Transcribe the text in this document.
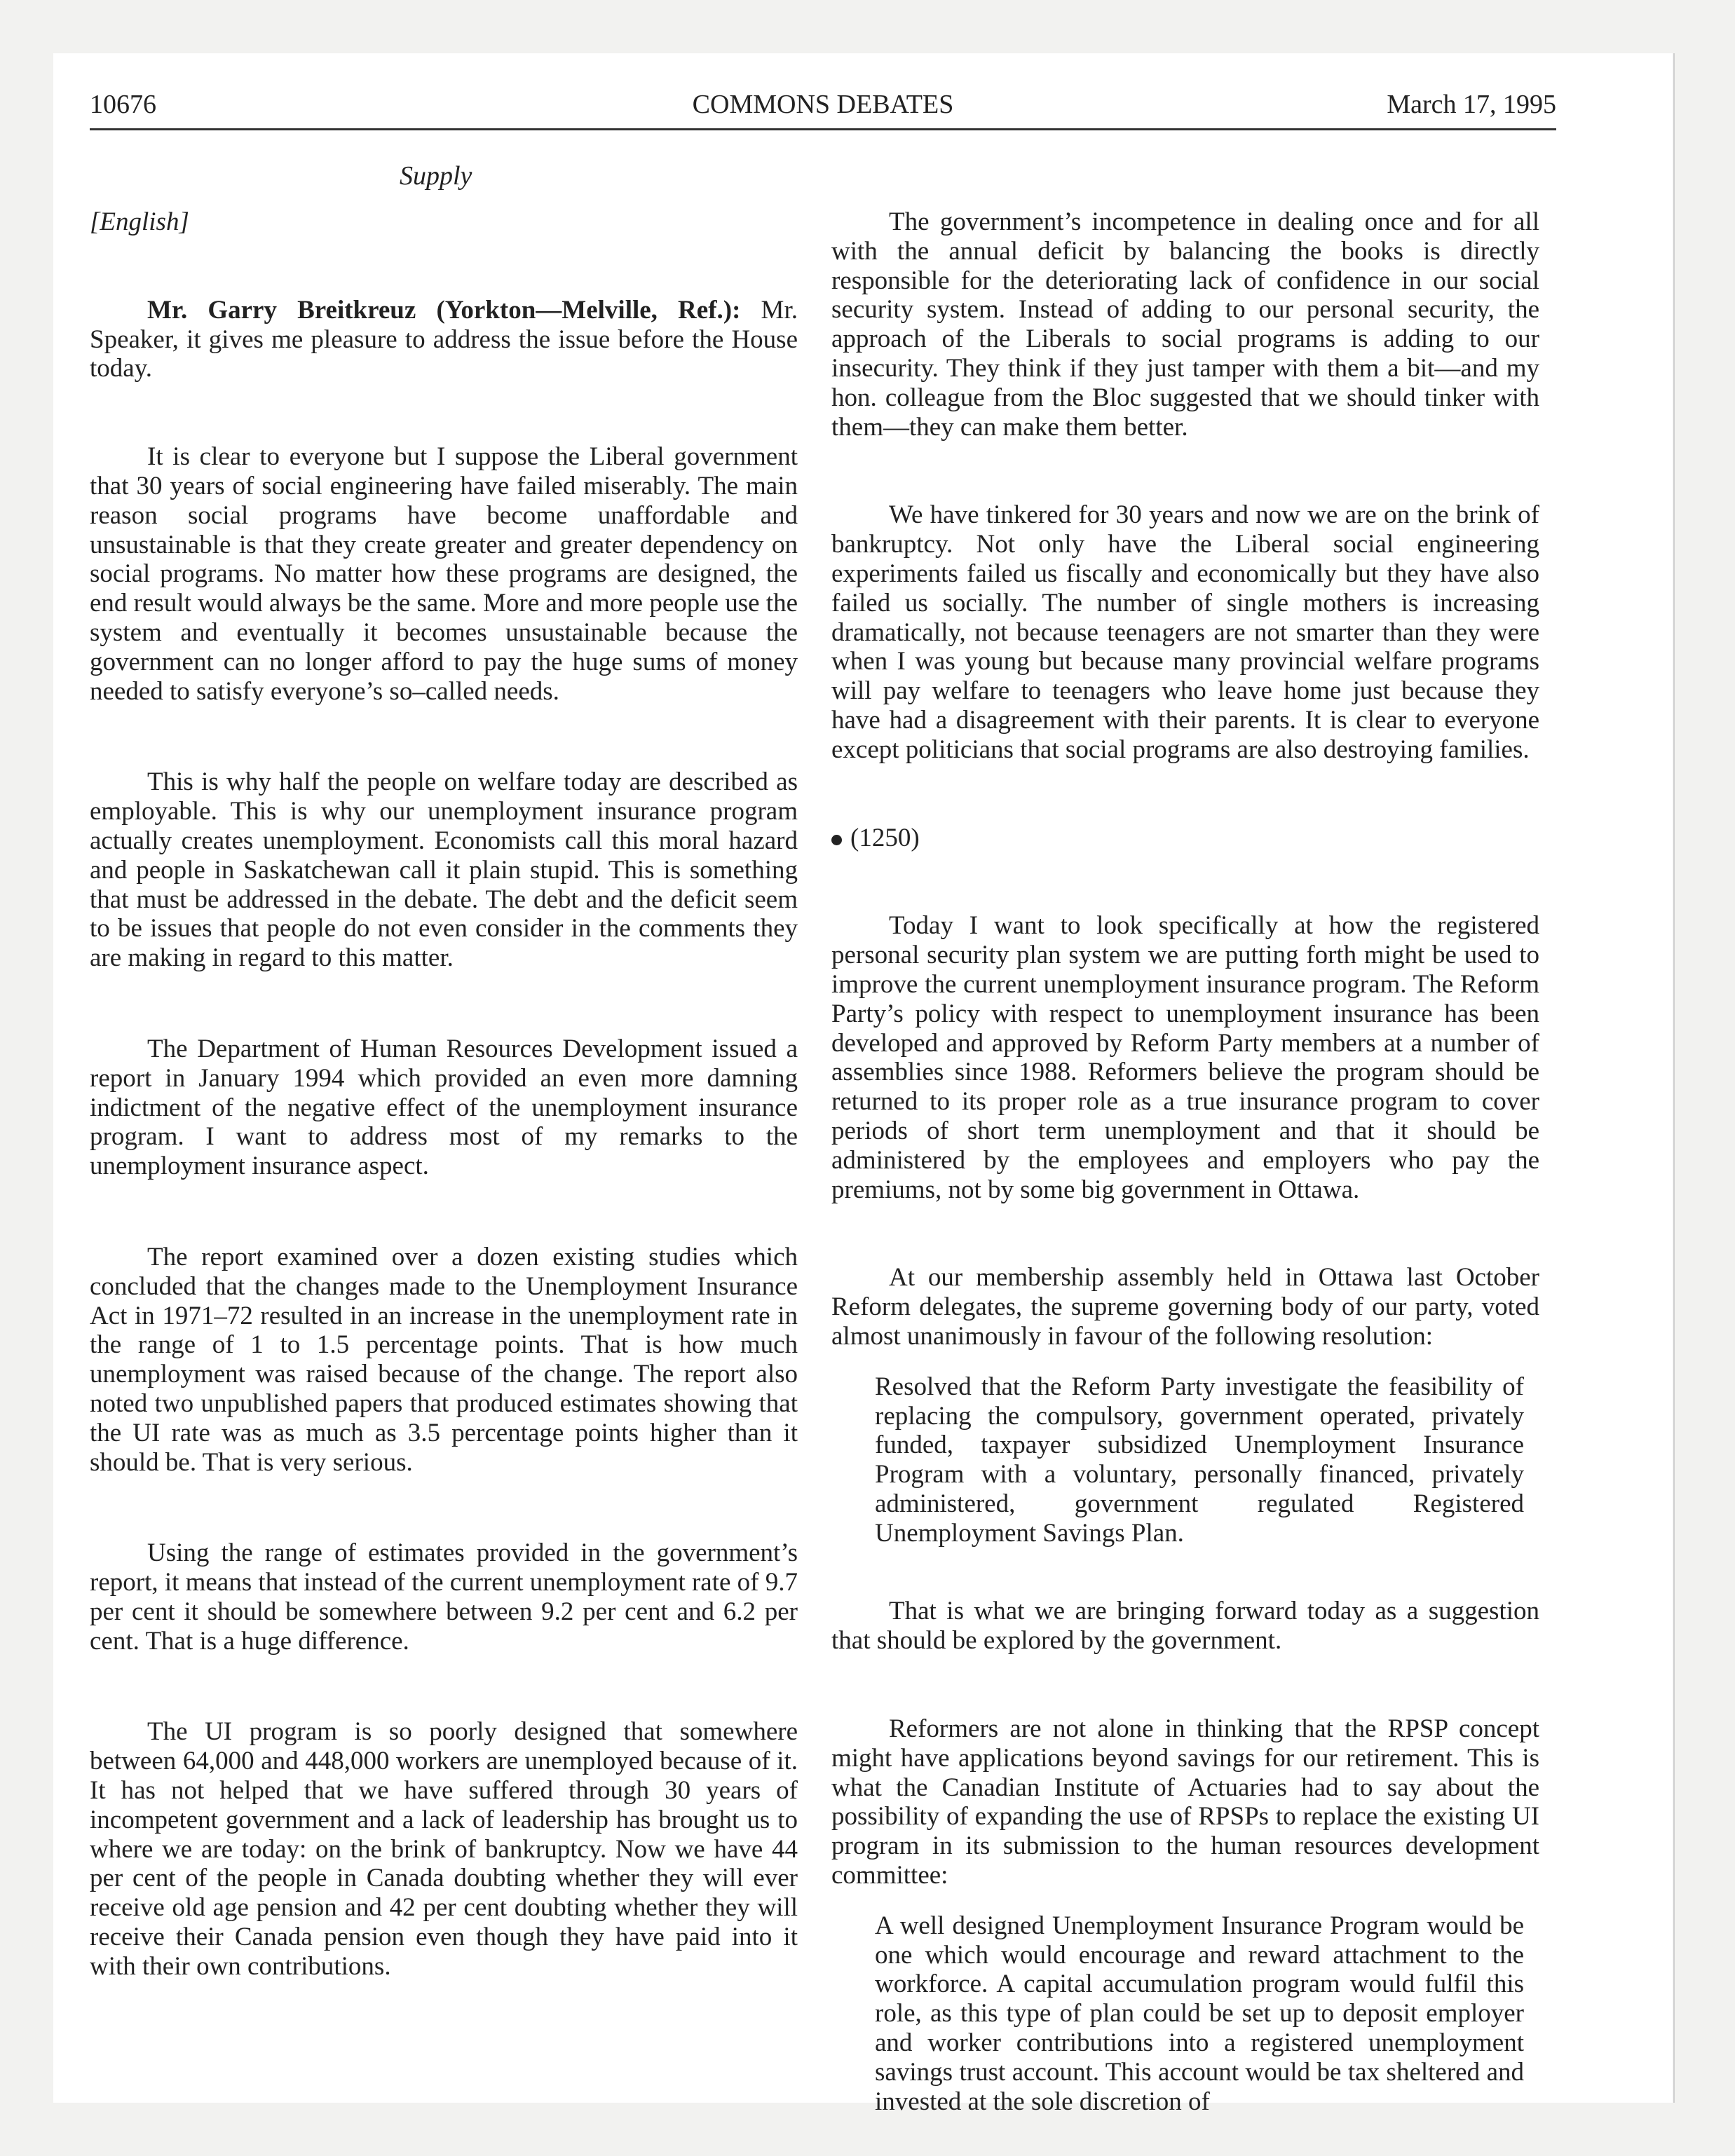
10676	COMMONS DEBATES	March 17, 1995
Supply

[English]

Mr. Garry Breitkreuz (Yorkton—Melville, Ref.): Mr. Speaker, it gives me pleasure to address the issue before the House today.

It is clear to everyone but I suppose the Liberal government that 30 years of social engineering have failed miserably. The main reason social programs have become unaffordable and unsustainable is that they create greater and greater dependency on social programs. No matter how these programs are designed, the end result would always be the same. More and more people use the system and eventually it becomes unsustainable because the government can no longer afford to pay the huge sums of money needed to satisfy everyone’s so–called needs.

This is why half the people on welfare today are described as employable. This is why our unemployment insurance program actually creates unemployment. Economists call this moral hazard and people in Saskatchewan call it plain stupid. This is something that must be addressed in the debate. The debt and the deficit seem to be issues that people do not even consider in the comments they are making in regard to this matter.

The Department of Human Resources Development issued a report in January 1994 which provided an even more damning indictment of the negative effect of the unemployment insurance program. I want to address most of my remarks to the unemployment insurance aspect.

The report examined over a dozen existing studies which concluded that the changes made to the Unemployment Insurance Act in 1971–72 resulted in an increase in the unemployment rate in the range of 1 to 1.5 percentage points. That is how much unemployment was raised because of the change. The report also noted two unpublished papers that produced estimates showing that the UI rate was as much as 3.5 percentage points higher than it should be. That is very serious.

Using the range of estimates provided in the government’s report, it means that instead of the current unemployment rate of 9.7 per cent it should be somewhere between 9.2 per cent and 6.2 per cent. That is a huge difference.

The UI program is so poorly designed that somewhere between 64,000 and 448,000 workers are unemployed because of it. It has not helped that we have suffered through 30 years of incompetent government and a lack of leadership has brought us to where we are today: on the brink of bankruptcy. Now we have 44 per cent of the people in Canada doubting whether they will ever receive old age pension and 42 per cent doubting whether they will receive their Canada pension even though they have paid into it with their own contributions.

The government’s incompetence in dealing once and for all with the annual deficit by balancing the books is directly responsible for the deteriorating lack of confidence in our social security system. Instead of adding to our personal security, the approach of the Liberals to social programs is adding to our insecurity. They think if they just tamper with them a bit—and my hon. colleague from the Bloc suggested that we should tinker with them—they can make them better.

We have tinkered for 30 years and now we are on the brink of bankruptcy. Not only have the Liberal social engineering experiments failed us fiscally and economically but they have also failed us socially. The number of single mothers is increasing dramatically, not because teenagers are not smarter than they were when I was young but because many provincial welfare programs will pay welfare to teenagers who leave home just because they have had a disagreement with their parents. It is clear to everyone except politicians that social programs are also destroying families.

(1250)

Today I want to look specifically at how the registered personal security plan system we are putting forth might be used to improve the current unemployment insurance program. The Reform Party’s policy with respect to unemployment insurance has been developed and approved by Reform Party members at a number of assemblies since 1988. Reformers believe the program should be returned to its proper role as a true insurance program to cover periods of short term unemployment and that it should be administered by the employees and employers who pay the premiums, not by some big government in Ottawa.

At our membership assembly held in Ottawa last October Reform delegates, the supreme governing body of our party, voted almost unanimously in favour of the following resolution:

Resolved that the Reform Party investigate the feasibility of replacing the compulsory, government operated, privately funded, taxpayer subsidized Unemployment Insurance Program with a voluntary, personally financed, privately administered, government regulated Registered Unemployment Savings Plan.

That is what we are bringing forward today as a suggestion that should be explored by the government.

Reformers are not alone in thinking that the RPSP concept might have applications beyond savings for our retirement. This is what the Canadian Institute of Actuaries had to say about the possibility of expanding the use of RPSPs to replace the existing UI program in its submission to the human resources development committee:

A well designed Unemployment Insurance Program would be one which would encourage and reward attachment to the workforce. A capital accumulation program would fulfil this role, as this type of plan could be set up to deposit employer and worker contributions into a registered unemployment savings trust account. This account would be tax sheltered and invested at the sole discretion of
